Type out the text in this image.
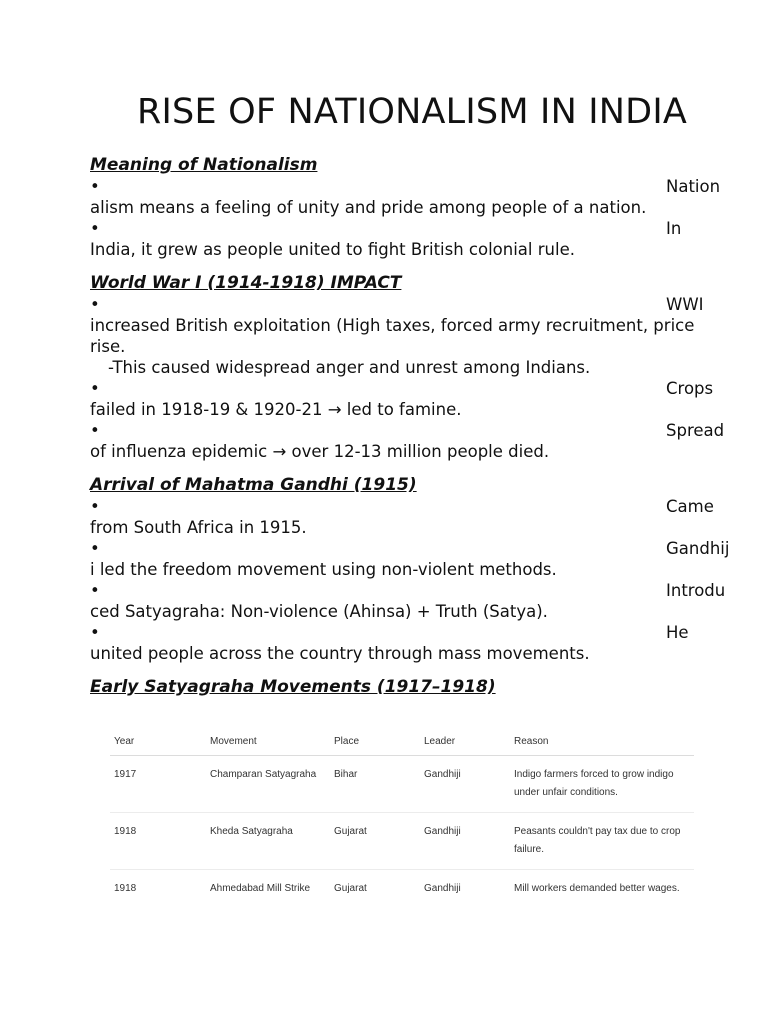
RISE OF NATIONALISM IN INDIA

Meaning of Nationalism

•	Nation

alism means a feeling of unity and pride among people of a nation.

•	In

India, it grew as people united to fight British colonial rule.

World War I (1914-1918) IMPACT

•	WWI

increased British exploitation (High taxes, forced army recruitment, price

rise.

-This caused widespread anger and unrest among Indians.

•	Crops

failed in 1918-19 & 1920-21 → led to famine.

•	Spread

of influenza epidemic → over 12-13 million people died.

Arrival of Mahatma Gandhi (1915)

•	Came

from South Africa in 1915.

•	Gandhij

i led the freedom movement using non-violent methods.

•	Introdu

ced Satyagraha: Non-violence (Ahinsa) + Truth (Satya).

•	He

united people across the country through mass movements.

Early Satyagraha Movements (1917–1918)

Year	Movement	Place	Leader	Reason
1917	Champaran Satyagraha	Bihar	Gandhiji	Indigo farmers forced to grow indigo under unfair conditions.
1918	Kheda Satyagraha	Gujarat	Gandhiji	Peasants couldn't pay tax due to crop failure.
1918	Ahmedabad Mill Strike	Gujarat	Gandhiji	Mill workers demanded better wages.
